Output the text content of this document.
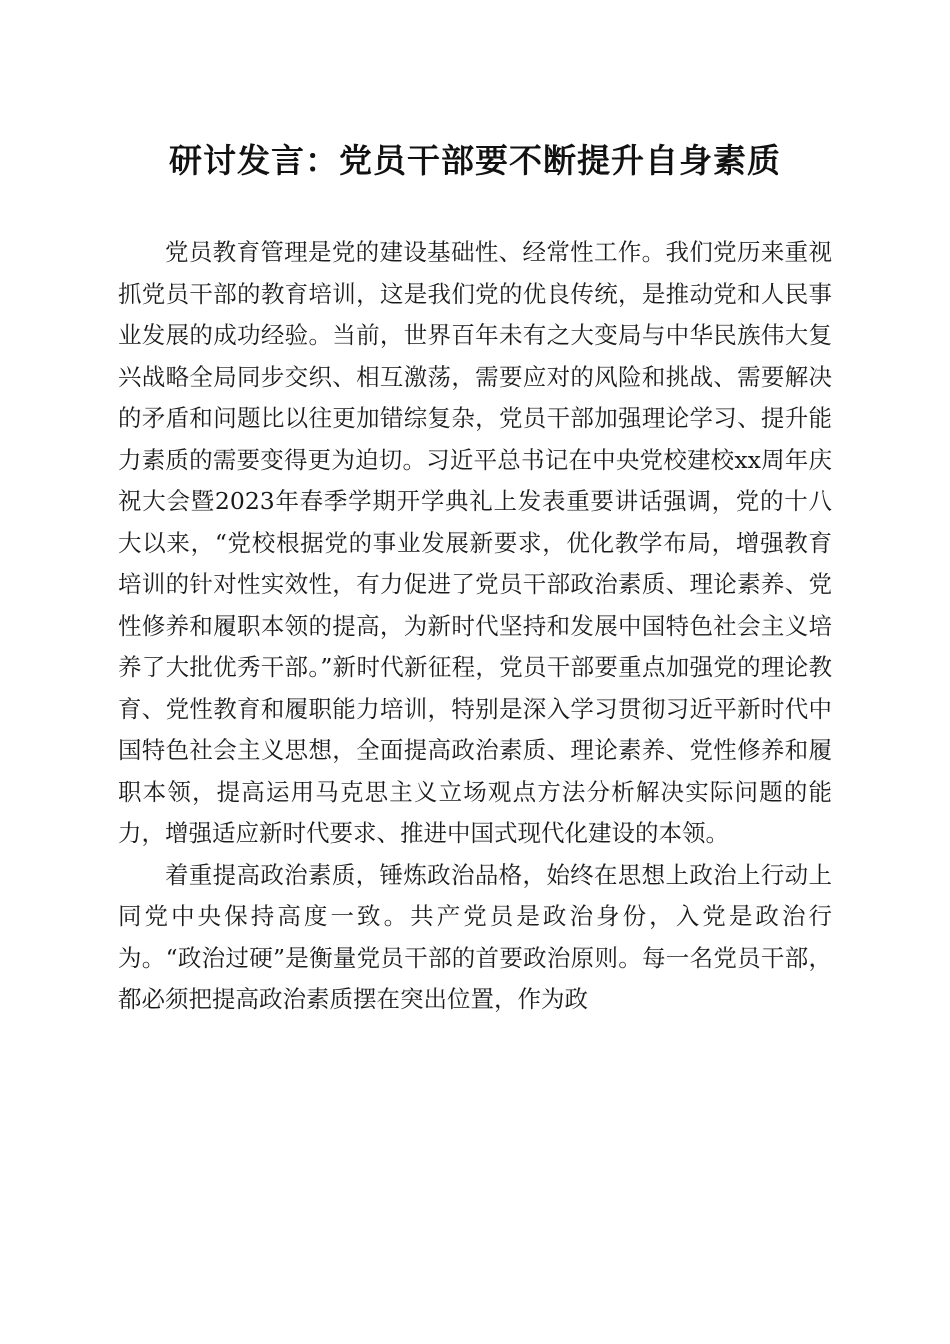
研讨发言：党员干部要不断提升自身素质

党员教育管理是党的建设基础性、经常性工作。我们党历来重视抓党员干部的教育培训，这是我们党的优良传统，是推动党和人民事业发展的成功经验。当前，世界百年未有之大变局与中华民族伟大复兴战略全局同步交织、相互激荡，需要应对的风险和挑战、需要解决的矛盾和问题比以往更加错综复杂，党员干部加强理论学习、提升能力素质的需要变得更为迫切。习近平总书记在中央党校建校xx周年庆祝大会暨2023年春季学期开学典礼上发表重要讲话强调，党的十八大以来，“党校根据党的事业发展新要求，优化教学布局，增强教育培训的针对性实效性，有力促进了党员干部政治素质、理论素养、党性修养和履职本领的提高，为新时代坚持和发展中国特色社会主义培养了大批优秀干部。”新时代新征程，党员干部要重点加强党的理论教育、党性教育和履职能力培训，特别是深入学习贯彻习近平新时代中国特色社会主义思想，全面提高政治素质、理论素养、党性修养和履职本领，提高运用马克思主义立场观点方法分析解决实际问题的能力，增强适应新时代要求、推进中国式现代化建设的本领。

着重提高政治素质，锤炼政治品格，始终在思想上政治上行动上同党中央保持高度一致。共产党员是政治身份，入党是政治行为。“政治过硬”是衡量党员干部的首要政治原则。每一名党员干部，都必须把提高政治素质摆在突出位置，作为政
